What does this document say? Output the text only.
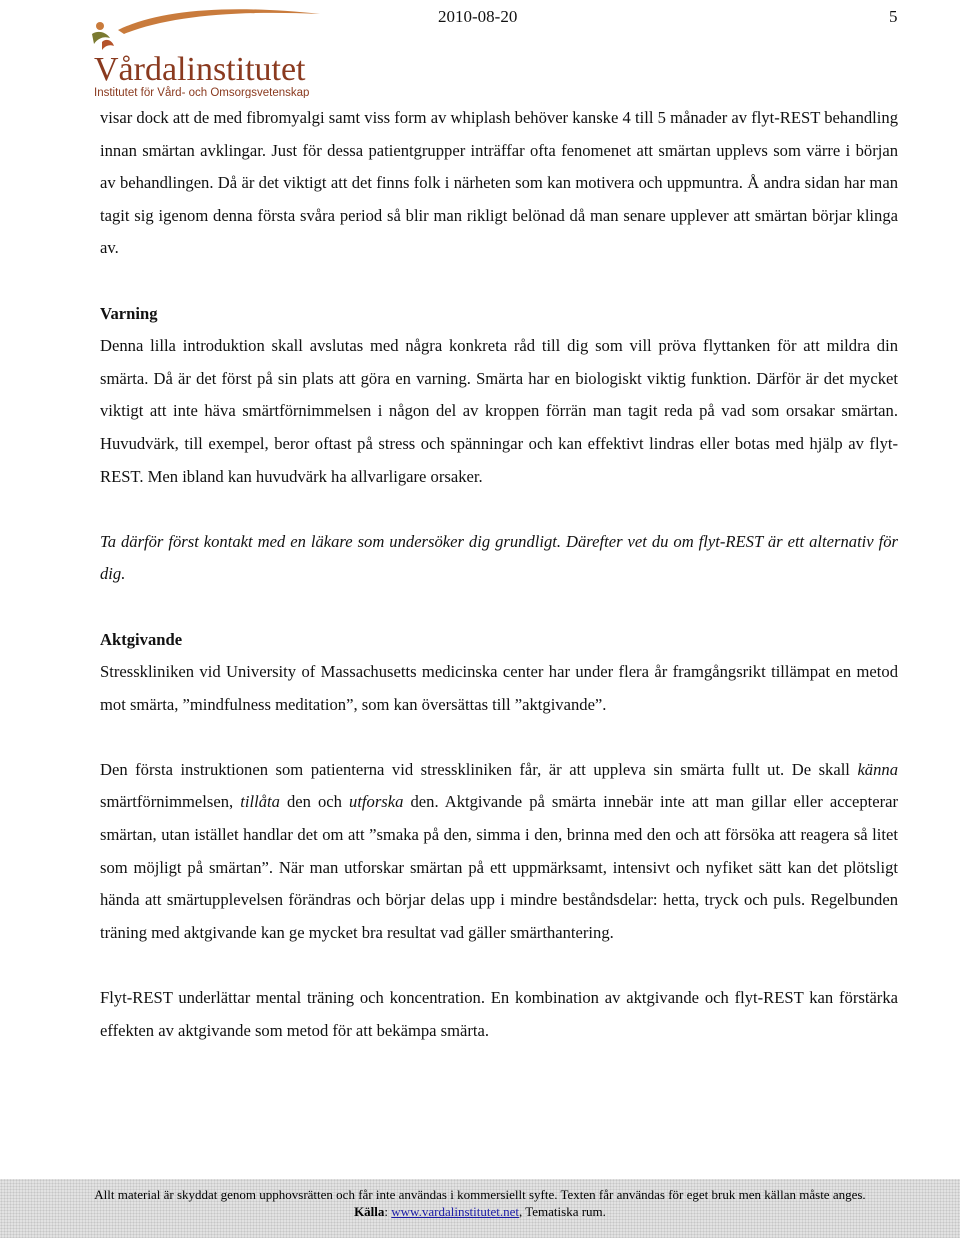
Vårdalinstitutet
Institutet för Vård- och Omsorgsvetenskap
2010-08-20	5

visar dock att de med fibromyalgi samt viss form av whiplash behöver kanske 4 till 5 månader av flyt-REST behandling innan smärtan avklingar. Just för dessa patientgrupper inträffar ofta fenomenet att smärtan upplevs som värre i början av behandlingen. Då är det viktigt att det finns folk i närheten som kan motivera och uppmuntra. Å andra sidan har man tagit sig igenom denna första svåra period så blir man rikligt belönad då man senare upplever att smärtan börjar klinga av.

Varning

Denna lilla introduktion skall avslutas med några konkreta råd till dig som vill pröva flyttanken för att mildra din smärta. Då är det först på sin plats att göra en varning. Smärta har en biologiskt viktig funktion. Därför är det mycket viktigt att inte häva smärtförnimmelsen i någon del av kroppen förrän man tagit reda på vad som orsakar smärtan. Huvudvärk, till exempel, beror oftast på stress och spänningar och kan effektivt lindras eller botas med hjälp av flyt-REST. Men ibland kan huvudvärk ha allvarligare orsaker.

Ta därför först kontakt med en läkare som undersöker dig grundligt. Därefter vet du om flyt-REST är ett alternativ för dig.

Aktgivande

Stresskliniken vid University of Massachusetts medicinska center har under flera år framgångsrikt tillämpat en metod mot smärta, ”mindfulness meditation”, som kan översättas till ”aktgivande”.

Den första instruktionen som patienterna vid stresskliniken får, är att uppleva sin smärta fullt ut. De skall känna smärtförnimmelsen, tillåta den och utforska den. Aktgivande på smärta innebär inte att man gillar eller accepterar smärtan, utan istället handlar det om att ”smaka på den, simma i den, brinna med den och att försöka att reagera så litet som möjligt på smärtan”. När man utforskar smärtan på ett uppmärksamt, intensivt och nyfiket sätt kan det plötsligt hända att smärtupplevelsen förändras och börjar delas upp i mindre beståndsdelar: hetta, tryck och puls. Regelbunden träning med aktgivande kan ge mycket bra resultat vad gäller smärthantering.

Flyt-REST underlättar mental träning och koncentration. En kombination av aktgivande och flyt-REST kan förstärka effekten av aktgivande som metod för att bekämpa smärta.

Allt material är skyddat genom upphovsrätten och får inte användas i kommersiellt syfte. Texten får användas för eget bruk men källan måste anges.
Källa: www.vardalinstitutet.net, Tematiska rum.
